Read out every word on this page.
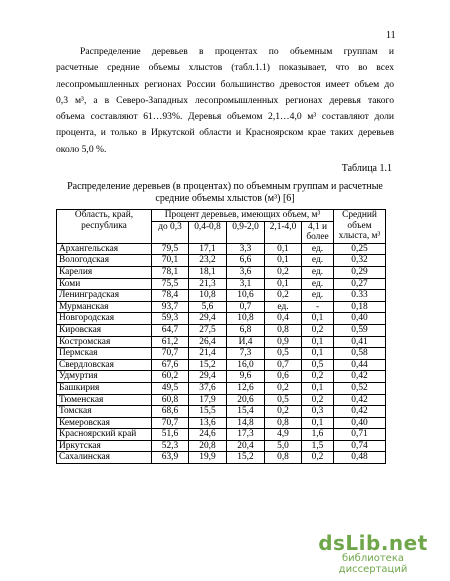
11
Распределение деревьев в процентах по объемным группам и
расчетные средние объемы хлыстов (табл.1.1) показывает, что во всех
лесопромышленных регионах России большинство древостоя имеет объем до
0,3 м³, а в Северо-Западных лесопромышленных регионах деревья такого
объема составляют 61…93%. Деревья объемом 2,1…4,0 м³ составляют доли
процента, и только в Иркутской области и Красноярском крае таких деревьев
около 5,0 %.
Таблица 1.1
Распределение деревьев (в процентах) по объемным группам и расчетные
средние объемы хлыстов (м³) [6]
Область, край, республика	Процент деревьев, имеющих объем, м³					Средний объем хлыста, м³
	до 0,3	0,4-0,8	0,9-2,0	2,1-4,0	4,1 и более	
Архангельская	79,5	17,1	3,3	0,1	ед.	0,25
Вологодская	70,1	23,2	6,6	0,1	ед.	0,32
Карелия	78,1	18,1	3,6	0,2	ед.	0,29
Коми	75,5	21,3	3,1	0,1	ед.	0,27
Ленинградская	78,4	10,8	10,6	0,2	ед.	0.33
Мурманская	93,7	5,6	0,7	ед.	-	0,18
Новгородская	59,3	29,4	10,8	0,4	0,1	0,40
Кировская	64,7	27,5	6,8	0,8	0,2	0,59
Костромская	61,2	26,4	И,4	0,9	0,1	0,41
Пермская	70,7	21,4	7,3	0,5	0,1	0,58
Свердловская	67,6	15,2	16,0	0,7	0,5	0,44
Удмуртия	60,2	29,4	9,6	0,6	0,2	0,42
Башкирия	49,5	37,6	12,6	0,2	0,1	0,52
Тюменская	60,8	17,9	20,6	0,5	0,2	0,42
Томская	68,6	15,5	15,4	0,2	0,3	0,42
Кемеровская	70,7	13,6	14,8	0,8	0,1	0,40
Красноярский край	51,6	24,6	17,3	4,9	1,6	0,71
Иркутская	52,3	20,8	20,4	5,0	1,5	0,74
Сахалинская	63,9	19,9	15,2	0,8	0,2	0,48
dsLib.net
библиотека диссертаций
